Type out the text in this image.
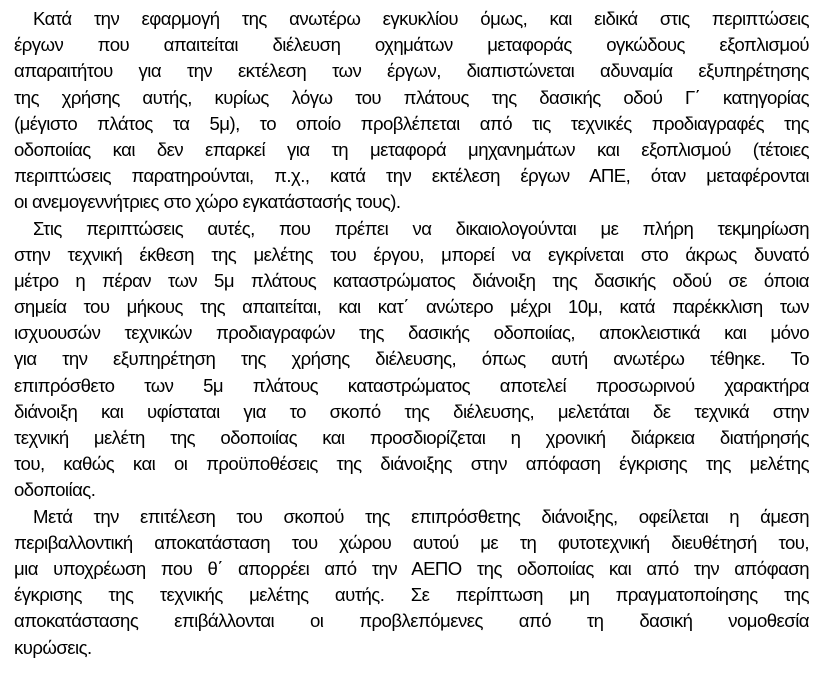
Κατά την εφαρμογή της ανωτέρω εγκυκλίου όμως, και ειδικά στις περιπτώσεις
έργων που απαιτείται διέλευση οχημάτων μεταφοράς ογκώδους εξοπλισμού
απαραιτήτου για την εκτέλεση των έργων, διαπιστώνεται αδυναμία εξυπηρέτησης
της χρήσης αυτής, κυρίως λόγω του πλάτους της δασικής οδού Γ΄ κατηγορίας
(μέγιστο πλάτος τα 5μ), το οποίο προβλέπεται από τις τεχνικές προδιαγραφές της
οδοποιίας και δεν επαρκεί για τη μεταφορά μηχανημάτων και εξοπλισμού (τέτοιες
περιπτώσεις παρατηρούνται, π.χ., κατά την εκτέλεση έργων ΑΠΕ, όταν μεταφέρονται
οι ανεμογεννήτριες στο χώρο εγκατάστασής τους).
Στις περιπτώσεις αυτές, που πρέπει να δικαιολογούνται με πλήρη τεκμηρίωση
στην τεχνική έκθεση της μελέτης του έργου, μπορεί να εγκρίνεται στο άκρως δυνατό
μέτρο η πέραν των 5μ πλάτους καταστρώματος διάνοιξη της δασικής οδού σε όποια
σημεία του μήκους της απαιτείται, και κατ΄ ανώτερο μέχρι 10μ, κατά παρέκκλιση των
ισχυουσών τεχνικών προδιαγραφών της δασικής οδοποιίας, αποκλειστικά και μόνο
για την εξυπηρέτηση της χρήσης διέλευσης, όπως αυτή ανωτέρω τέθηκε. Το
επιπρόσθετο των 5μ πλάτους καταστρώματος αποτελεί προσωρινού χαρακτήρα
διάνοιξη και υφίσταται για το σκοπό της διέλευσης, μελετάται δε τεχνικά στην
τεχνική μελέτη της οδοποιίας και προσδιορίζεται η χρονική διάρκεια διατήρησής
του, καθώς και οι προϋποθέσεις της διάνοιξης στην απόφαση έγκρισης της μελέτης
οδοποιίας.
Μετά την επιτέλεση του σκοπού της επιπρόσθετης διάνοιξης, οφείλεται η άμεση
περιβαλλοντική αποκατάσταση του χώρου αυτού με τη φυτοτεχνική διευθέτησή του,
μια υποχρέωση που θ΄ απορρέει από την ΑΕΠΟ της οδοποιίας και από την απόφαση
έγκρισης της τεχνικής μελέτης αυτής. Σε περίπτωση μη πραγματοποίησης της
αποκατάστασης επιβάλλονται οι προβλεπόμενες από τη δασική νομοθεσία
κυρώσεις.
